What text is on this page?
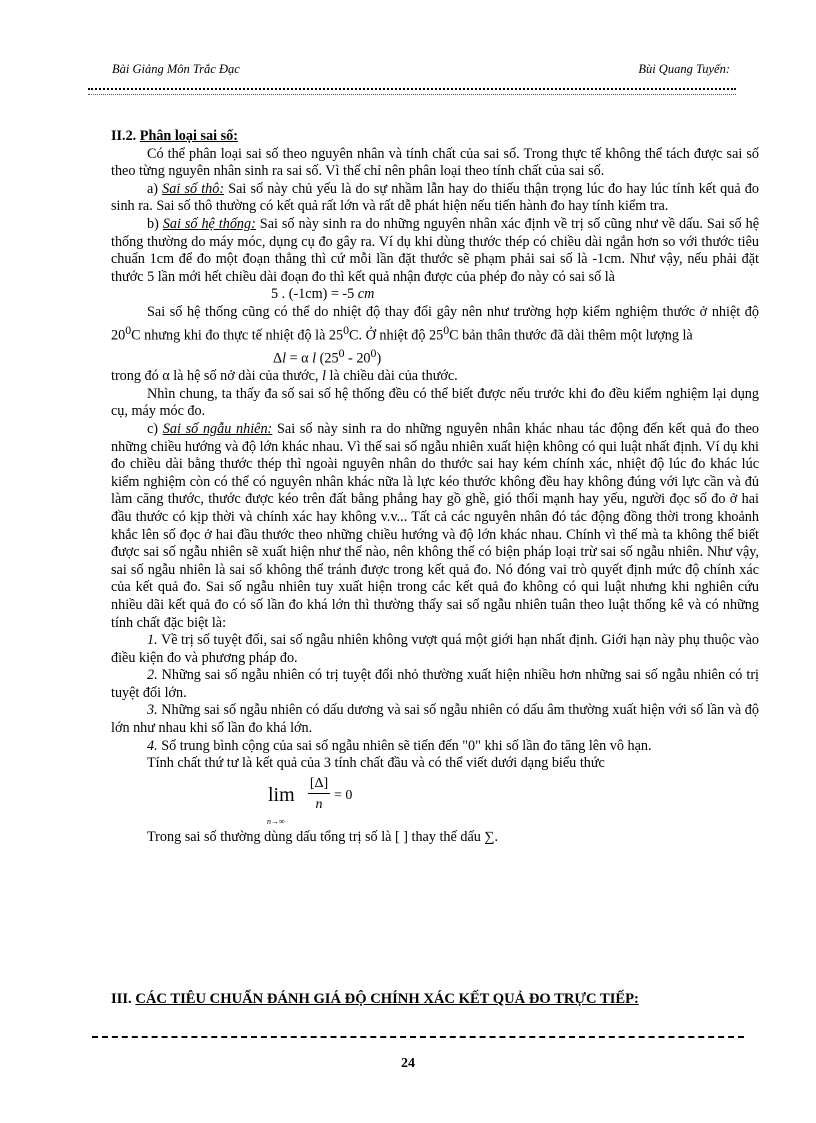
Bài Giảng Môn Trắc Đạc	Bùi Quang Tuyến:

II.2. Phân loại sai số:

Có thể phân loại sai số theo nguyên nhân và tính chất của sai số. Trong thực tế không thể tách được sai số theo từng nguyên nhân sinh ra sai số. Vì thế chỉ nên phân loại theo tính chất của sai số.

a) Sai số thô: Sai số này chủ yếu là do sự nhầm lẫn hay do thiếu thận trọng lúc đo hay lúc tính kết quả đo sinh ra. Sai số thô thường có kết quả rất lớn và rất dễ phát hiện nếu tiến hành đo hay tính kiểm tra.

b) Sai số hệ thống: Sai số này sinh ra do những nguyên nhân xác định về trị số cũng như về dấu. Sai số hệ thống thường do máy móc, dụng cụ đo gây ra. Ví dụ khi dùng thước thép có chiều dài ngắn hơn so với thước tiêu chuẩn 1cm để đo một đoạn thẳng thì cứ mỗi lần đặt thước sẽ phạm phải sai số là -1cm. Như vậy, nếu phải đặt thước 5 lần mới hết chiều dài đoạn đo thì kết quả nhận được của phép đo này có sai số là

5 . (-1cm) = -5 cm

Sai số hệ thống cũng có thể do nhiệt độ thay đổi gây nên như trường hợp kiểm nghiệm thước ở nhiệt độ $20^0C$ nhưng khi đo thực tế nhiệt độ là $25^0C$. Ở nhiệt độ $25^0C$ bản thân thước đã dài thêm một lượng là

Δl = α l $(25^0 - 20^0)$

trong đó α là hệ số nở dài của thước, l là chiều dài của thước.

Nhìn chung, ta thấy đa số sai số hệ thống đều có thể biết được nếu trước khi đo đều kiểm nghiệm lại dụng cụ, máy móc đo.

c) Sai số ngẫu nhiên: Sai số này sinh ra do những nguyên nhân khác nhau tác động đến kết quả đo theo những chiều hướng và độ lớn khác nhau. Vì thế sai số ngẫu nhiên xuất hiện không có qui luật nhất định. Ví dụ khi đo chiều dài bằng thước thép thì ngoài nguyên nhân do thước sai hay kém chính xác, nhiệt độ lúc đo khác lúc kiểm nghiệm còn có thể có nguyên nhân khác nữa là lực kéo thước không đều hay không đúng với lực cần và đủ làm căng thước, thước được kéo trên đất bằng phẳng hay gồ ghề, gió thổi mạnh hay yếu, người đọc số đo ở hai đầu thước có kịp thời và chính xác hay không v.v... Tất cả các nguyên nhân đó tác động đồng thời trong khoảnh khắc lên số đọc ở hai đầu thước theo những chiều hướng và độ lớn khác nhau. Chính vì thế mà ta không thể biết được sai số ngẫu nhiên sẽ xuất hiện như thế nào, nên không thể có biện pháp loại trừ sai số ngẫu nhiên. Như vậy, sai số ngẫu nhiên là sai số không thể tránh được trong kết quả đo. Nó đóng vai trò quyết định mức độ chính xác của kết quả đo. Sai số ngẫu nhiên tuy xuất hiện trong các kết quả đo không có qui luật nhưng khi nghiên cứu nhiều dãi kết quả đo có số lần đo khá lớn thì thường thấy sai số ngẫu nhiên tuân theo luật thống kê và có những tính chất đặc biệt là:

1. Về trị số tuyệt đối, sai số ngẫu nhiên không vượt quá một giới hạn nhất định. Giới hạn này phụ thuộc vào điều kiện đo và phương pháp đo.

2. Những sai số ngẫu nhiên có trị tuyệt đối nhỏ thường xuất hiện nhiều hơn những sai số ngẫu nhiên có trị tuyệt đối lớn.

3. Những sai số ngẫu nhiên có dấu dương và sai số ngẫu nhiên có dấu âm thường xuất hiện với số lần và độ lớn như nhau khi số lần đo khá lớn.

4. Số trung bình cộng của sai số ngẫu nhiên sẽ tiến đến "0" khi số lần đo tăng lên vô hạn.

Tính chất thứ tư là kết quả của 3 tính chất đầu và có thể viết dưới dạng biểu thức

lim
n→∞
[Δ]
n
= 0

Trong sai số thường dùng dấu tổng trị số là [ ] thay thế dấu ∑.

III. CÁC TIÊU CHUẨN ĐÁNH GIÁ ĐỘ CHÍNH XÁC KẾT QUẢ ĐO TRỰC TIẾP:
24
